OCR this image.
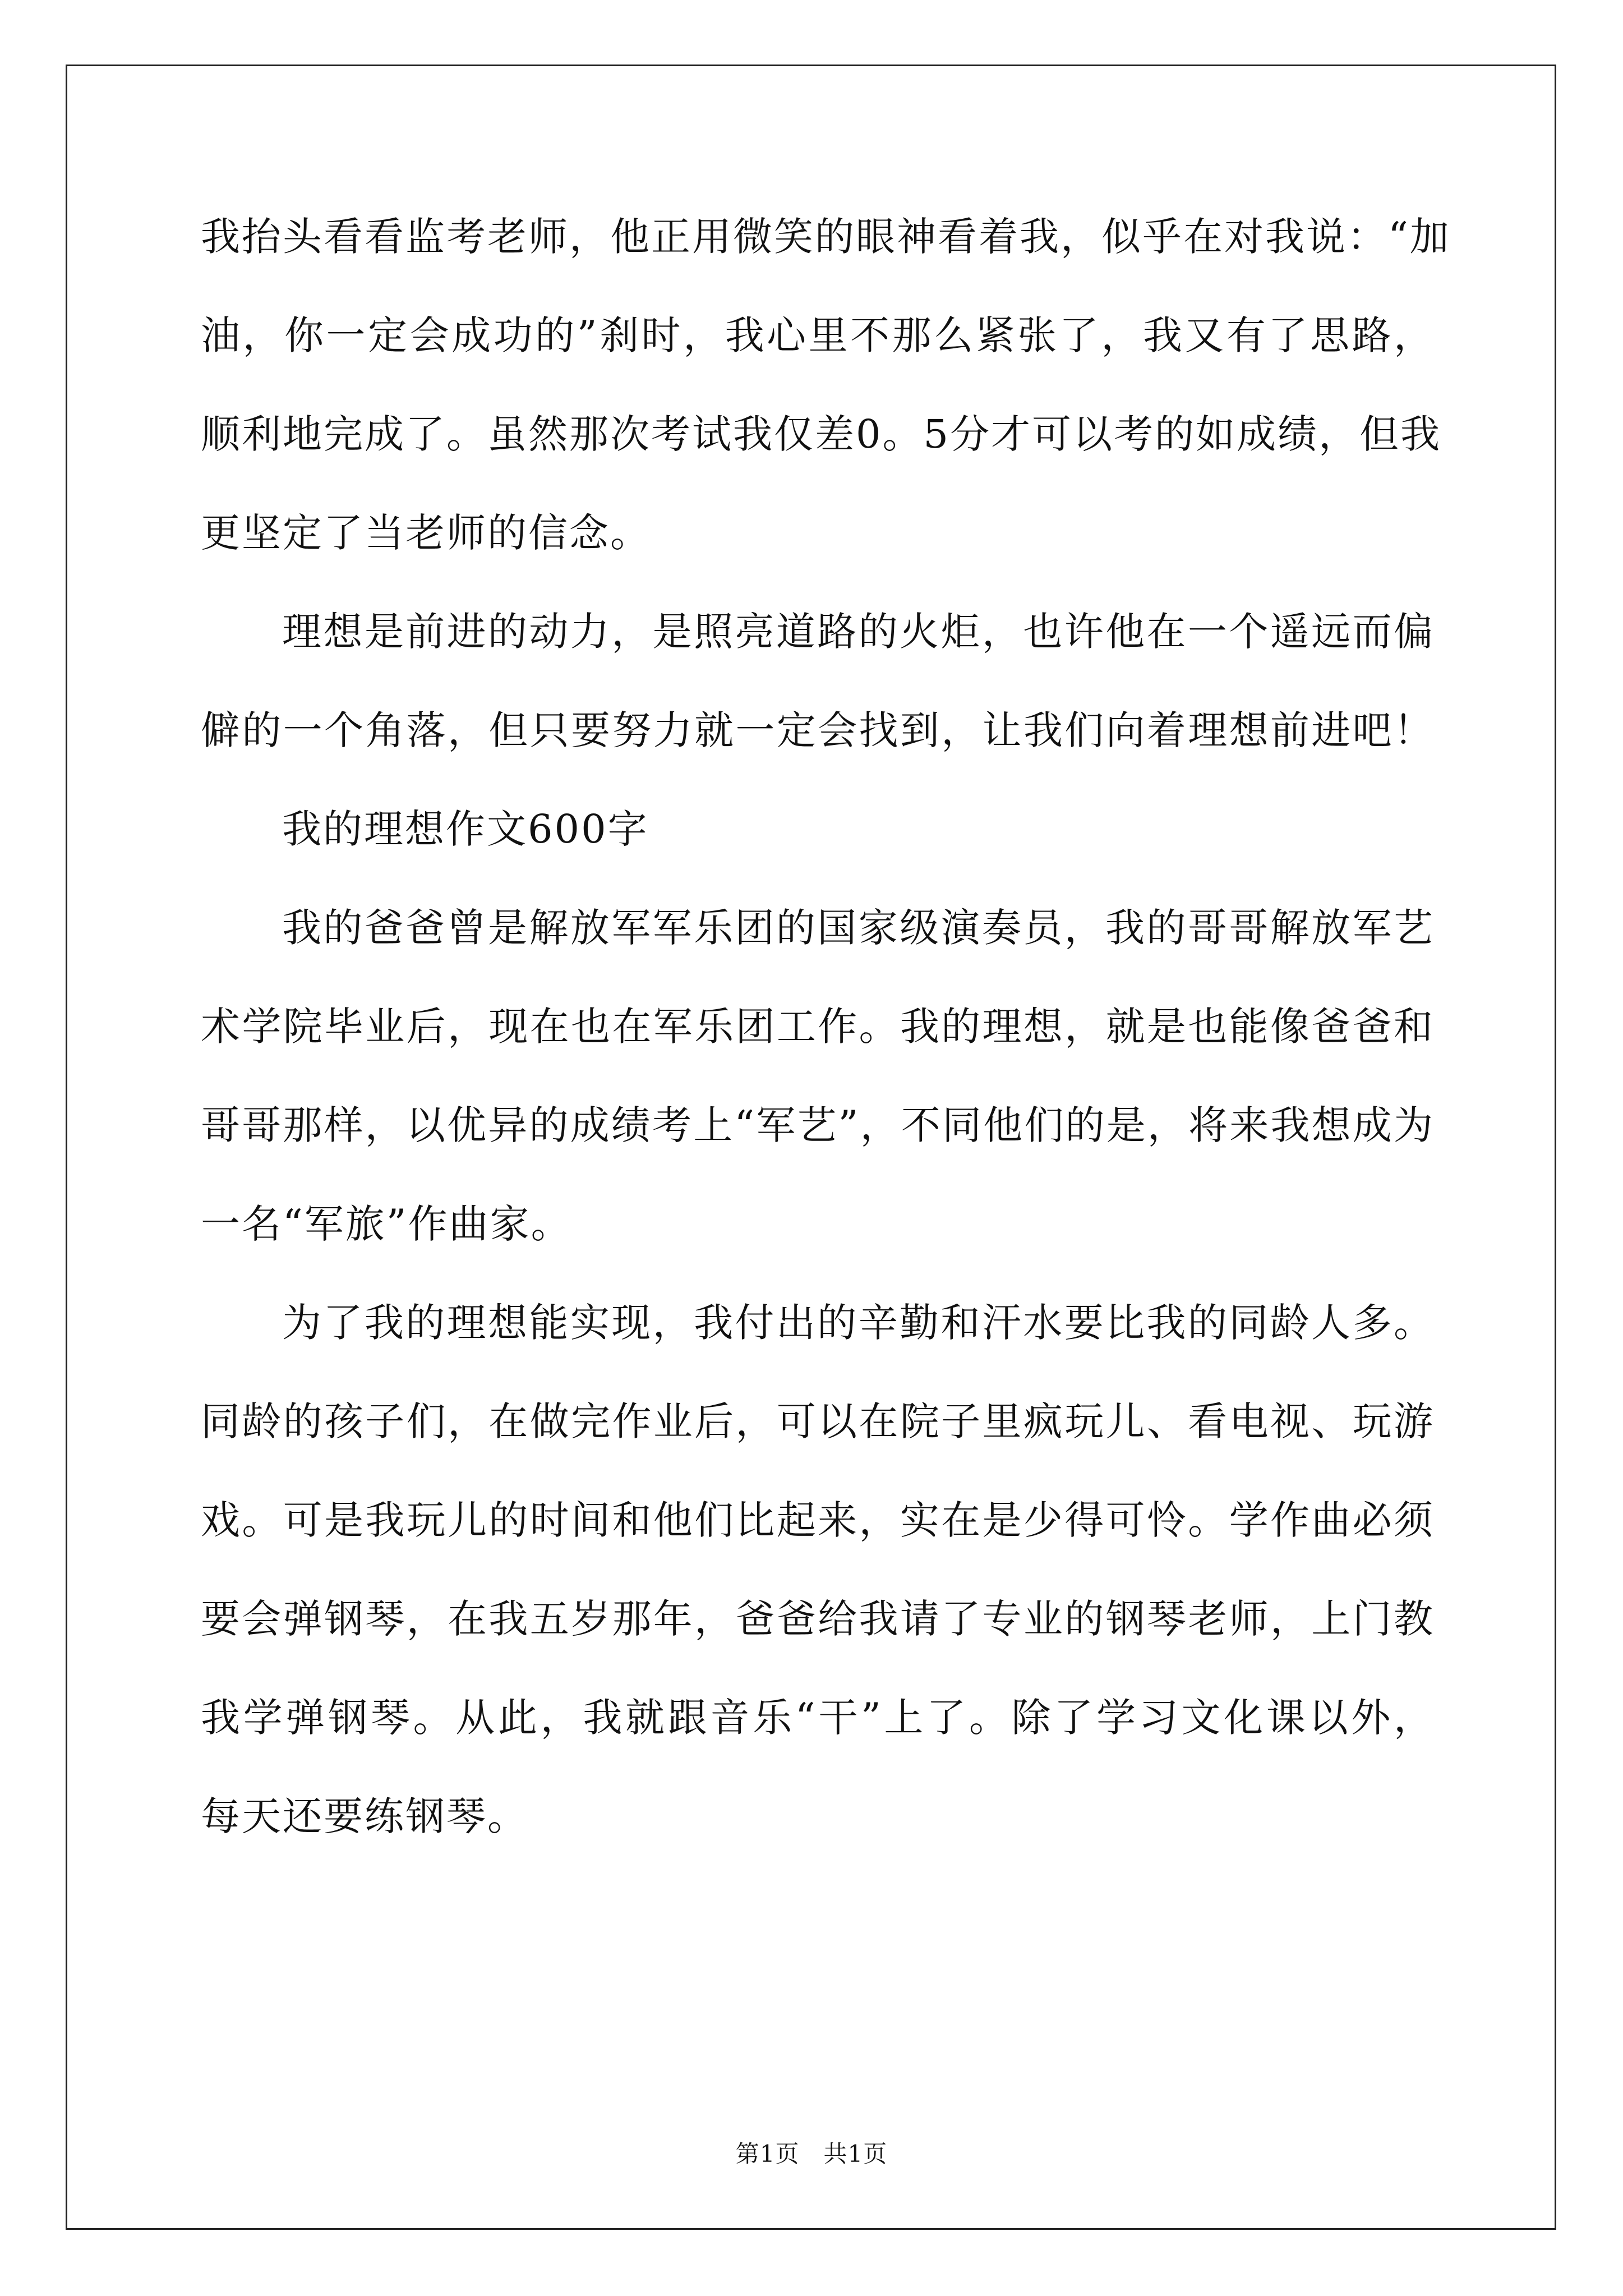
我抬头看看监考老师，他正用微笑的眼神看着我，似乎在对我说：“加
油，你一定会成功的”刹时，我心里不那么紧张了，我又有了思路，
顺利地完成了。虽然那次考试我仅差0。5分才可以考的如成绩，但我
更坚定了当老师的信念。
理想是前进的动力，是照亮道路的火炬，也许他在一个遥远而偏
僻的一个角落，但只要努力就一定会找到，让我们向着理想前进吧！
我的理想作文600字
我的爸爸曾是解放军军乐团的国家级演奏员，我的哥哥解放军艺
术学院毕业后，现在也在军乐团工作。我的理想，就是也能像爸爸和
哥哥那样，以优异的成绩考上“军艺”，不同他们的是，将来我想成为
一名“军旅”作曲家。
为了我的理想能实现，我付出的辛勤和汗水要比我的同龄人多。
同龄的孩子们，在做完作业后，可以在院子里疯玩儿、看电视、玩游
戏。可是我玩儿的时间和他们比起来，实在是少得可怜。学作曲必须
要会弹钢琴，在我五岁那年，爸爸给我请了专业的钢琴老师，上门教
我学弹钢琴。从此，我就跟音乐“干”上了。除了学习文化课以外，
每天还要练钢琴。
第1页　共1页
